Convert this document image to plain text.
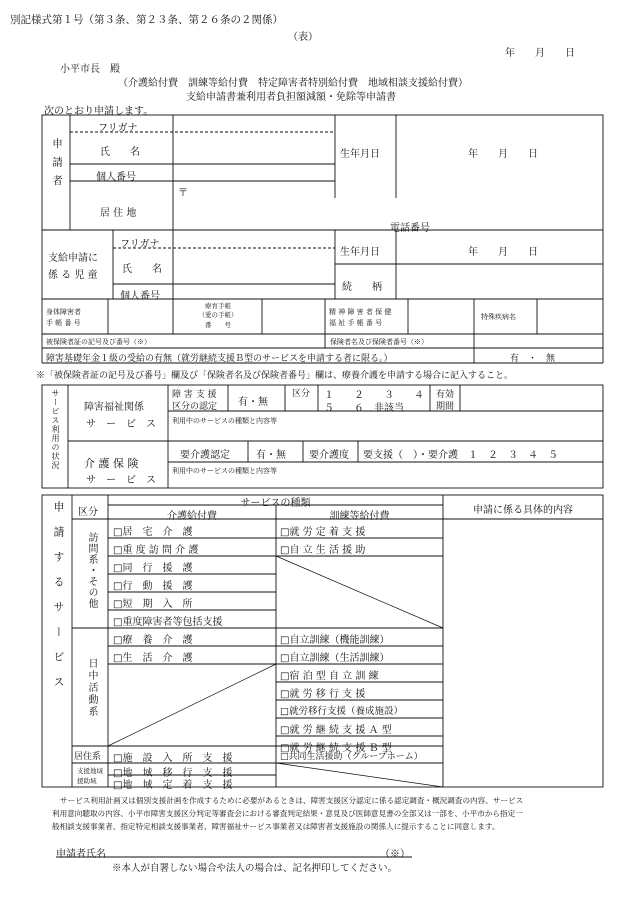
別記様式第１号（第３条、第２３条、第２６条の２関係）
（表）
年　　月　　日
小平市長　殿
（介護給付費　訓練等給付費　特定障害者特別給付費　地域相談支援給付費）
支給申請書兼利用者負担額減額・免除等申請書
次のとおり申請します。
申請者
フリガナ
氏　　名
個人番号
居 住 地
〒
生年月日	年　　月　　日
電話番号
支給申請に
係 る 児 童
フリガナ
氏　　名
個人番号
生年月日	年　　月　　日
続　　柄
身体障害者
手 帳 番 号
療育手帳
（愛の手帳）
番　　号
精 神 障 害 者 保 健
福 祉 手 帳 番 号
特殊疾病名
被保険者証の記号及び番号（※）	保険者名及び保険者番号（※）
障害基礎年金１級の受給の有無（就労継続支援Ｂ型のサービスを申請する者に限る。）	有　・　無
※「被保険者証の記号及び番号」欄及び「保険者名及び保険者番号」欄は、療養介護を申請する場合に記入すること。
サービス利用の状況 障害福祉関係
サ　ー　ビ　ス
障 害 支 援
区分の認定 有・無
区分 １　　２　　３　　４
５　　６　非該当
有効
期間
利用中のサービスの種類と内容等
介 護 保 険
サ　ー　ビ　ス
要介護認定	有・無 要介護度 要支援（　）・要介護　１　２　３　４　５
利用中のサービスの種類と内容等
申請するサービス 区分
サービスの種類
介護給付費	訓練等給付費
申請に係る具体的内容
訪問系・その他
日中活動系
居住系
支援地域
援助域
□ 居　宅　介　護
□ 重 度 訪 問 介 護
□ 同　行　援　護
□ 行　動　援　護
□ 短　期　入　所
□ 重度障害者等包括支援
□ 就 労 定 着 支 援
□ 自 立 生 活 援 助
□ 療　養　介　護
□ 生　活　介　護
□ 自立訓練（機能訓練）
□ 自立訓練（生活訓練）
□ 宿 泊 型 自 立 訓 練
□ 就 労 移 行 支 援
□ 就労移行支援（養成施設）
□ 就 労 継 続 支 援 Ａ 型
□ 就 労 継 続 支 援 Ｂ 型
□ 施　設　入　所　支　援
□	共同生活援助（グループホーム）
□ 地　域　移　行　支　援
□ 地　域　定　着　支　援
サービス利用計画又は個別支援計画を作成するために必要があるときは、障害支援区分認定に係る認定調査・概況調査の内容、サービス
利用意向聴取の内容、小平市障害支援区分判定等審査会における審査判定結果・意見及び医師意見書の全部又は一部を、小平市から指定一
般相談支援事業者、指定特定相談支援事業者、障害福祉サービス事業者又は障害者支援施設の関係人に提示することに同意します。
申請者氏名	（※）
※本人が自署しない場合や法人の場合は、記名押印してください。
